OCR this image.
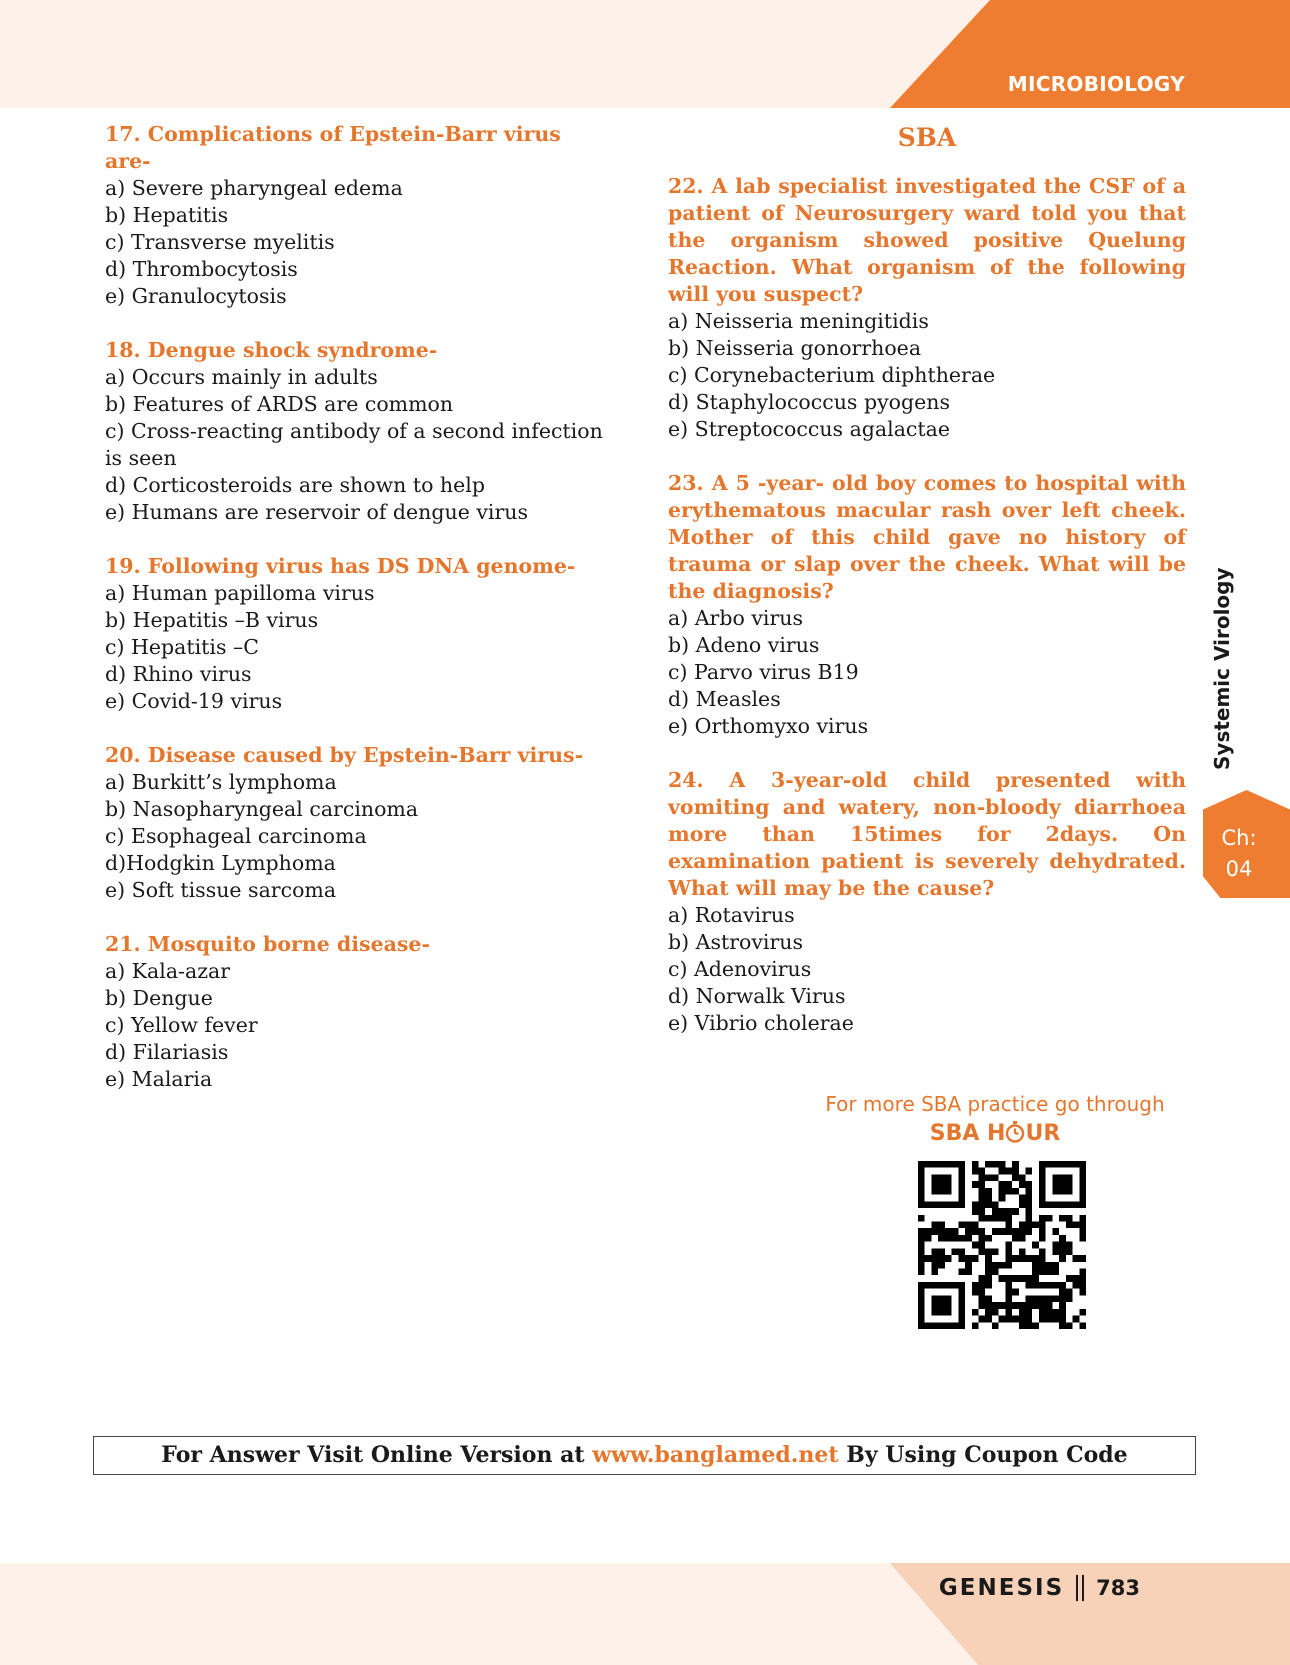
MICROBIOLOGY

17. Complications of Epstein-Barr virus are-

a) Severe pharyngeal edema
b) Hepatitis
c) Transverse myelitis
d) Thrombocytosis
e) Granulocytosis

18. Dengue shock syndrome-

a) Occurs mainly in adults
b) Features of ARDS are common
c) Cross-reacting antibody of a second infection is seen
d) Corticosteroids are shown to help
e) Humans are reservoir of dengue virus

19. Following virus has DS DNA genome-

a) Human papilloma virus
b) Hepatitis –B virus
c) Hepatitis –C
d) Rhino virus
e) Covid-19 virus

20. Disease caused by Epstein-Barr virus-

a) Burkitt’s lymphoma
b) Nasopharyngeal carcinoma
c) Esophageal carcinoma
d)Hodgkin Lymphoma
e) Soft tissue sarcoma

21. Mosquito borne disease-

a) Kala-azar
b) Dengue
c) Yellow fever
d) Filariasis
e) Malaria
SBA

22. A lab specialist investigated the CSF of a patient of Neurosurgery ward told you that the organism showed positive Quelung Reaction. What organism of the following will you suspect?

a) Neisseria meningitidis
b) Neisseria gonorrhoea
c) Corynebacterium diphtherae
d) Staphylococcus pyogens
e) Streptococcus agalactae

23. A 5 -year- old boy comes to hospital with erythematous macular rash over left cheek. Mother of this child gave no history of trauma or slap over the cheek. What will be the diagnosis?

a) Arbo virus
b) Adeno virus
c) Parvo virus B19
d) Measles
e) Orthomyxo virus

24. A 3-year-old child presented with vomiting and watery, non-bloody diarrhoea more than 15times for 2days. On examination patient is severely dehydrated. What will may be the cause?

a) Rotavirus
b) Astrovirus
c) Adenovirus
d) Norwalk Virus
e) Vibrio cholerae
Systemic Virology
Ch:
04
For more SBA practice go through
SBA H UR
For Answer Visit Online Version at www.banglamed.net By Using Coupon Code
GENESIS 783
